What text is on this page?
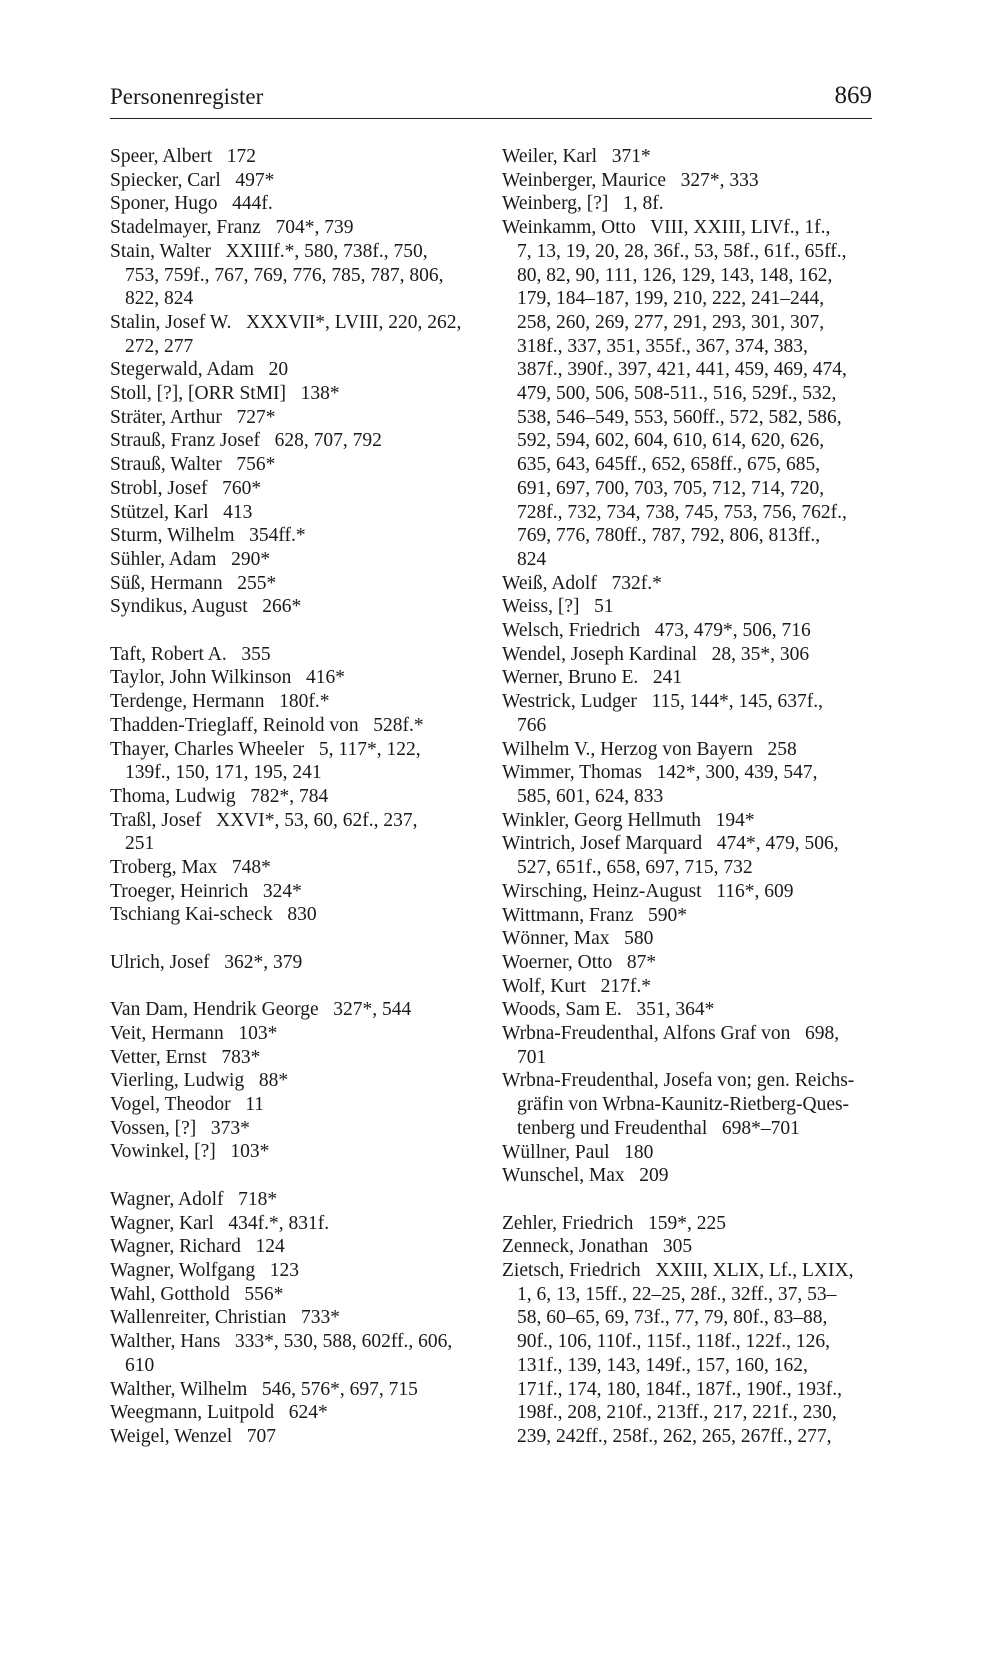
Personenregister	869
Speer, Albert   172
Spiecker, Carl   497*
Sponer, Hugo   444f.
Stadelmayer, Franz   704*, 739
Stain, Walter   XXIIIf.*, 580, 738f., 750,
753, 759f., 767, 769, 776, 785, 787, 806,
822, 824
Stalin, Josef W.   XXXVII*, LVIII, 220, 262,
272, 277
Stegerwald, Adam   20
Stoll, [?], [ORR StMI]   138*
Sträter, Arthur   727*
Strauß, Franz Josef   628, 707, 792
Strauß, Walter   756*
Strobl, Josef   760*
Stützel, Karl   413
Sturm, Wilhelm   354ff.*
Sühler, Adam   290*
Süß, Hermann   255*
Syndikus, August   266*
Taft, Robert A.   355
Taylor, John Wilkinson   416*
Terdenge, Hermann   180f.*
Thadden-Trieglaff, Reinold von   528f.*
Thayer, Charles Wheeler   5, 117*, 122,
139f., 150, 171, 195, 241
Thoma, Ludwig   782*, 784
Traßl, Josef   XXVI*, 53, 60, 62f., 237,
251
Troberg, Max   748*
Troeger, Heinrich   324*
Tschiang Kai-scheck   830
Ulrich, Josef   362*, 379
Van Dam, Hendrik George   327*, 544
Veit, Hermann   103*
Vetter, Ernst   783*
Vierling, Ludwig   88*
Vogel, Theodor   11
Vossen, [?]   373*
Vowinkel, [?]   103*
Wagner, Adolf   718*
Wagner, Karl   434f.*, 831f.
Wagner, Richard   124
Wagner, Wolfgang   123
Wahl, Gotthold   556*
Wallenreiter, Christian   733*
Walther, Hans   333*, 530, 588, 602ff., 606,
610
Walther, Wilhelm   546, 576*, 697, 715
Weegmann, Luitpold   624*
Weigel, Wenzel   707
Weiler, Karl   371*
Weinberger, Maurice   327*, 333
Weinberg, [?]   1, 8f.
Weinkamm, Otto   VIII, XXIII, LIVf., 1f.,
7, 13, 19, 20, 28, 36f., 53, 58f., 61f., 65ff.,
80, 82, 90, 111, 126, 129, 143, 148, 162,
179, 184–187, 199, 210, 222, 241–244,
258, 260, 269, 277, 291, 293, 301, 307,
318f., 337, 351, 355f., 367, 374, 383,
387f., 390f., 397, 421, 441, 459, 469, 474,
479, 500, 506, 508-511., 516, 529f., 532,
538, 546–549, 553, 560ff., 572, 582, 586,
592, 594, 602, 604, 610, 614, 620, 626,
635, 643, 645ff., 652, 658ff., 675, 685,
691, 697, 700, 703, 705, 712, 714, 720,
728f., 732, 734, 738, 745, 753, 756, 762f.,
769, 776, 780ff., 787, 792, 806, 813ff.,
824
Weiß, Adolf   732f.*
Weiss, [?]   51
Welsch, Friedrich   473, 479*, 506, 716
Wendel, Joseph Kardinal   28, 35*, 306
Werner, Bruno E.   241
Westrick, Ludger   115, 144*, 145, 637f.,
766
Wilhelm V., Herzog von Bayern   258
Wimmer, Thomas   142*, 300, 439, 547,
585, 601, 624, 833
Winkler, Georg Hellmuth   194*
Wintrich, Josef Marquard   474*, 479, 506,
527, 651f., 658, 697, 715, 732
Wirsching, Heinz-August   116*, 609
Wittmann, Franz   590*
Wönner, Max   580
Woerner, Otto   87*
Wolf, Kurt   217f.*
Woods, Sam E.   351, 364*
Wrbna-Freudenthal, Alfons Graf von   698,
701
Wrbna-Freudenthal, Josefa von; gen. Reichs-
gräfin von Wrbna-Kaunitz-Rietberg-Ques-
tenberg und Freudenthal   698*–701
Wüllner, Paul   180
Wunschel, Max   209
Zehler, Friedrich   159*, 225
Zenneck, Jonathan   305
Zietsch, Friedrich   XXIII, XLIX, Lf., LXIX,
1, 6, 13, 15ff., 22–25, 28f., 32ff., 37, 53–
58, 60–65, 69, 73f., 77, 79, 80f., 83–88,
90f., 106, 110f., 115f., 118f., 122f., 126,
131f., 139, 143, 149f., 157, 160, 162,
171f., 174, 180, 184f., 187f., 190f., 193f.,
198f., 208, 210f., 213ff., 217, 221f., 230,
239, 242ff., 258f., 262, 265, 267ff., 277,
